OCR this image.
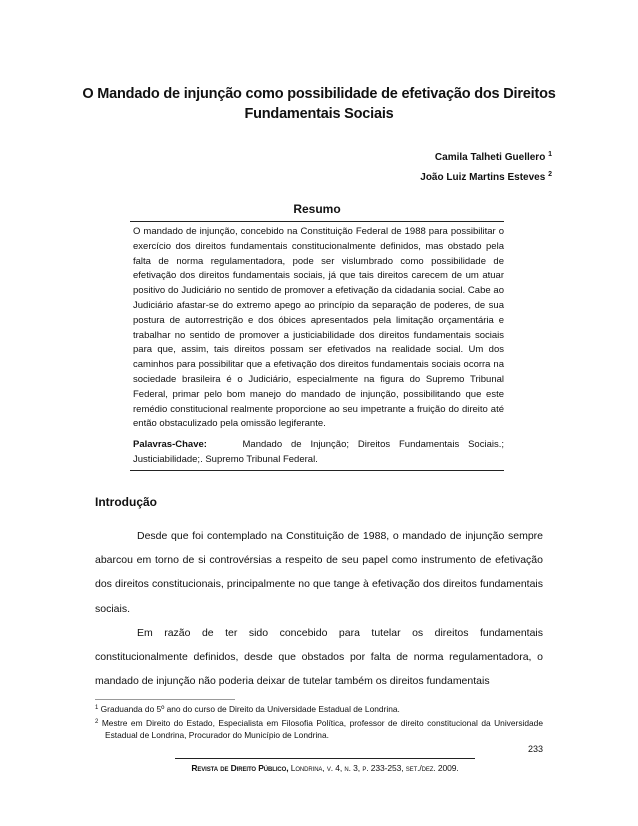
O Mandado de injunção como possibilidade de efetivação dos Direitos Fundamentais Sociais
Camila Talheti Guellero $^1$
João Luiz Martins Esteves $^2$
Resumo
O mandado de injunção, concebido na Constituição Federal de 1988 para possibilitar o exercício dos direitos fundamentais constitucionalmente definidos, mas obstado pela falta de norma regulamentadora, pode ser vislumbrado como possibilidade de efetivação dos direitos fundamentais sociais, já que tais direitos carecem de um atuar positivo do Judiciário no sentido de promover a efetivação da cidadania social. Cabe ao Judiciário afastar-se do extremo apego ao princípio da separação de poderes, de sua postura de autorrestrição e dos óbices apresentados pela limitação orçamentária e trabalhar no sentido de promover a justiciabilidade dos direitos fundamentais sociais para que, assim, tais direitos possam ser efetivados na realidade social. Um dos caminhos para possibilitar que a efetivação dos direitos fundamentais sociais ocorra na sociedade brasileira é o Judiciário, especialmente na figura do Supremo Tribunal Federal, primar pelo bom manejo do mandado de injunção, possibilitando que este remédio constitucional realmente proporcione ao seu impetrante a fruição do direito até então obstaculizado pela omissão legiferante.
Palavras-Chave:	Mandado de Injunção; Direitos Fundamentais Sociais.; Justiciabilidade;. Supremo Tribunal Federal.
Introdução

Desde que foi contemplado na Constituição de 1988, o mandado de injunção sempre abarcou em torno de si controvérsias a respeito de seu papel como instrumento de efetivação dos direitos constitucionais, principalmente no que tange à efetivação dos direitos fundamentais sociais.

Em razão de ter sido concebido para tutelar os direitos fundamentais constitucionalmente definidos, desde que obstados por falta de norma regulamentadora, o mandado de injunção não poderia deixar de tutelar também os direitos fundamentais

$^1$ Graduanda do 5º ano do curso de Direito da Universidade Estadual de Londrina.

$^2$ Mestre em Direito do Estado, Especialista em Filosofia Política, professor de direito constitucional da Universidade Estadual de Londrina, Procurador do Município de Londrina.

233
Revista de Direito Público, Londrina, v. 4, n. 3, p. 233-253, set./dez. 2009.
